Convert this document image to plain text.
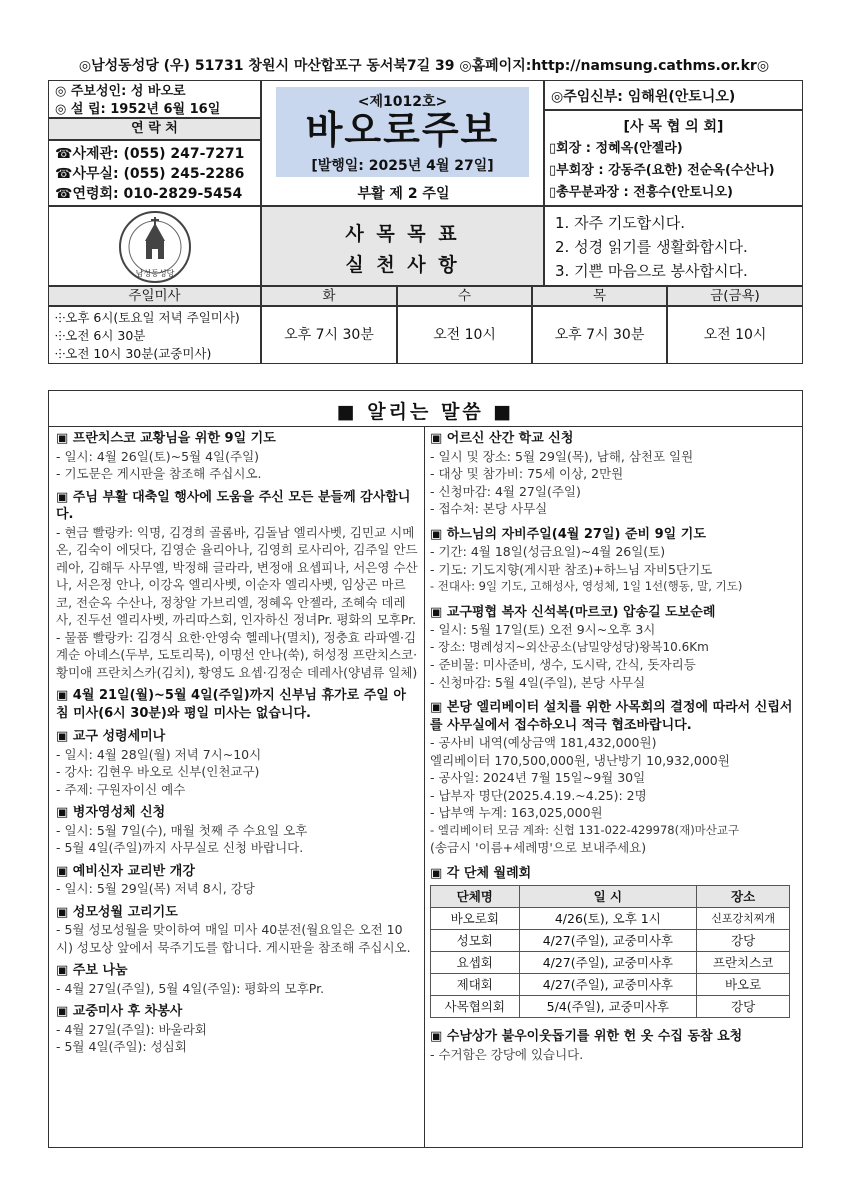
◎남성동성당 (우) 51731 창원시 마산합포구 동서북7길 39 ◎홈페이지:http://namsung.cathms.or.kr◎
◎ 주보성인: 성 바오로
◎ 설 립: 1952년 6월 16일
연 락 처
☎사제관: (055) 247-7271
☎사무실: (055) 245-2286
☎연령회: 010-2829-5454
<제1012호>
바오로주보
[발행일: 2025년 4월 27일]
부활 제 2 주일
◎주임신부: 임해윈(안토니오)
[사 목 협 의 회]
▯회장 : 정혜옥(안젤라)
▯부회장 : 강동주(요한) 전순옥(수산나)
▯총무분과장 : 전흥수(안토니오)
남성동성당
사 목 목 표
실 천 사 항
1. 자주 기도합시다.
2. 성경 읽기를 생활화합시다.
3. 기쁜 마음으로 봉사합시다.
주일미사	화	수	목	금(금욕)
⸭오후 6시(토요일 저녁 주일미사)
⸭오전 6시 30분
⸭오전 10시 30분(교중미사)
오후 7시 30분	오전 10시	오후 7시 30분	오전 10시
■ 알리는 말씀 ■
▣ 프란치스코 교황님을 위한 9일 기도
- 일시: 4월 26일(토)~5월 4일(주일)
- 기도문은 게시판을 참조해 주십시오.
▣ 주님 부활 대축일 행사에 도움을 주신 모든 분들께 감사합니다.
- 현금 빨랑카: 익명, 김경희 골롬바, 김돌남 엘리사벳, 김민교 시메온, 김숙이 에딧다, 김영순 율리아나, 김영희 로사리아, 김주일 안드레아, 김해두 사무엘, 박정해 글라라, 변정애 요셉피나, 서은영 수산나, 서은정 안나, 이강옥 엘리사벳, 이순자 엘리사벳, 임상곤 마르코, 전순옥 수산나, 정창알 가브리엘, 정혜옥 안젤라, 조혜숙 데레사, 진두선 엘리사벳, 까리따스회, 인자하신 정녀Pr. 평화의 모후Pr.
- 물품 빨랑카: 김경식 요한·안영숙 헬레나(멸치), 정충효 라파엘·김계순 아녜스(두부, 도토리묵), 이명선 안나(쑥), 허성정 프란치스코·황미애 프란치스카(김치), 황영도 요셉·김정순 데레사(양념류 일체)
▣ 4월 21일(월)~5월 4일(주일)까지 신부님 휴가로 주일 아침 미사(6시 30분)와 평일 미사는 없습니다.
▣ 교구 성령세미나
- 일시: 4월 28일(월) 저녁 7시~10시
- 강사: 김현우 바오로 신부(인천교구)
- 주제: 구원자이신 예수
▣ 병자영성체 신청
- 일시: 5월 7일(수), 매월 첫째 주 수요일 오후
- 5월 4일(주일)까지 사무실로 신청 바랍니다.
▣ 예비신자 교리반 개강
- 일시: 5월 29일(목) 저녁 8시, 강당
▣ 성모성월 고리기도
- 5월 성모성월을 맞이하여 매일 미사 40분전(월요일은 오전 10시) 성모상 앞에서 묵주기도를 합니다. 게시판을 참조해 주십시오.
▣ 주보 나눔
- 4월 27일(주일), 5월 4일(주일): 평화의 모후Pr.
▣ 교중미사 후 차봉사
- 4월 27일(주일): 바울라회
- 5월 4일(주일): 성심회
▣ 어르신 산간 학교 신청
- 일시 및 장소: 5월 29일(목), 남해, 삼천포 일원
- 대상 및 참가비: 75세 이상, 2만원
- 신청마감: 4월 27일(주일)
- 접수처: 본당 사무실
▣ 하느님의 자비주일(4월 27일) 준비 9일 기도
- 기간: 4월 18일(성금요일)~4월 26일(토)
- 기도: 기도지향(게시판 참조)+하느님 자비5단기도
- 전대사: 9일 기도, 고해성사, 영성체, 1일 1선(행동, 말, 기도)
▣ 교구평협 복자 신석복(마르코) 압송길 도보순례
- 일시: 5월 17일(토) 오전 9시~오후 3시
- 장소: 명례성지~외산공소(남밀양성당)왕복10.6Km
- 준비물: 미사준비, 생수, 도시락, 간식, 돗자리등
- 신청마감: 5월 4일(주일), 본당 사무실
▣ 본당 엘리베이터 설치를 위한 사목회의 결정에 따라서 신립서를 사무실에서 접수하오니 적극 협조바랍니다.
- 공사비 내역(예상금액 181,432,000원)
엘리베이터 170,500,000원, 냉난방기 10,932,000원
- 공사일: 2024년 7월 15일~9월 30일
- 납부자 명단(2025.4.19.~4.25): 2명
- 납부액 누계: 163,025,000원
- 엘리베이터 모금 계좌: 신협 131-022-429978(재)마산교구
(송금시 '이름+세례명'으로 보내주세요)
▣ 각 단체 월례회
단체명	일 시	장소
바오로회	4/26(토), 오후 1시	신포강치찌개
성모회	4/27(주일), 교중미사후	강당
요셉회	4/27(주일), 교중미사후	프란치스코
제대회	4/27(주일), 교중미사후	바오로
사목협의회	5/4(주일), 교중미사후	강당
▣ 수남상가 불우이웃돕기를 위한 헌 옷 수집 동참 요청
- 수거함은 강당에 있습니다.
